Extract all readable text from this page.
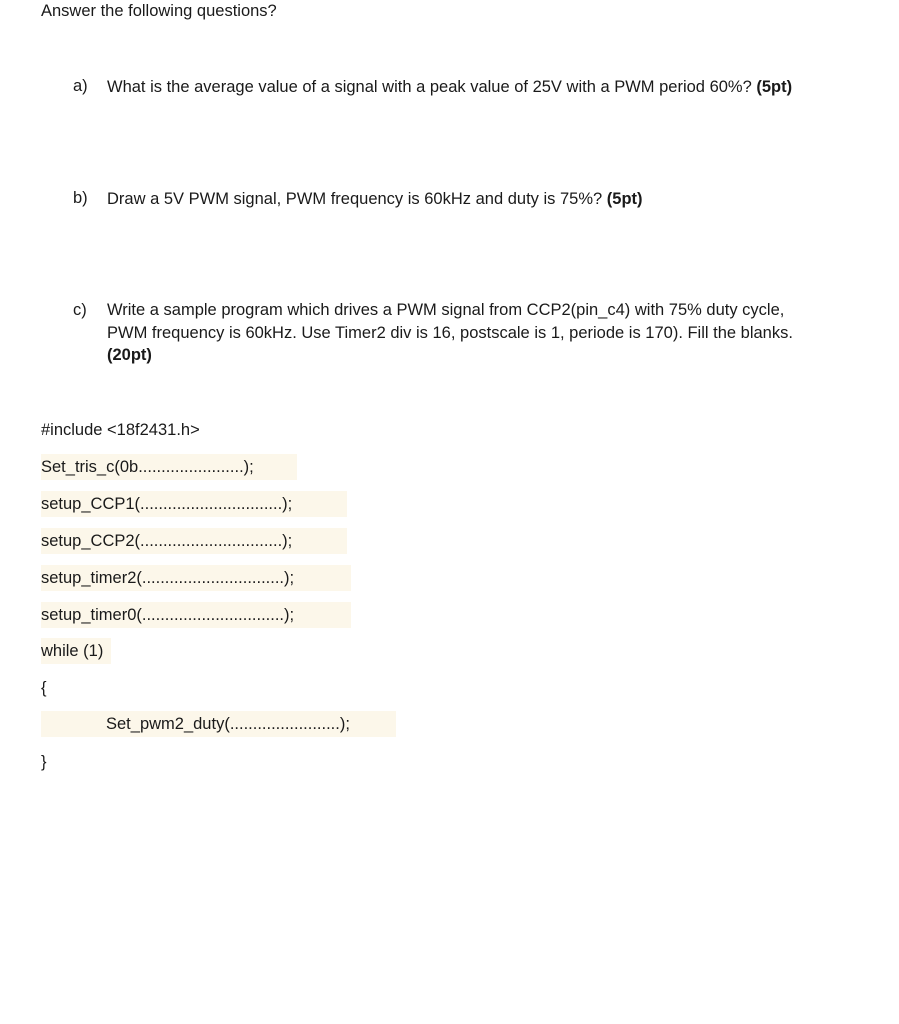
Answer the following questions?
a) What is the average value of a signal with a peak value of 25V with a PWM period 60%? (5pt)
b) Draw a 5V PWM signal, PWM frequency is 60kHz and duty is 75%? (5pt)
c) Write a sample program which drives a PWM signal from CCP2(pin_c4) with 75% duty cycle,
PWM frequency is 60kHz. Use Timer2 div is 16, postscale is 1, periode is 170). Fill the blanks.
(20pt)
#include <18f2431.h>
Set_tris_c(0b.......................);
setup_CCP1(...............................);
setup_CCP2(...............................);
setup_timer2(...............................);
setup_timer0(...............................);
while (1)
{
Set_pwm2_duty(........................);
}
